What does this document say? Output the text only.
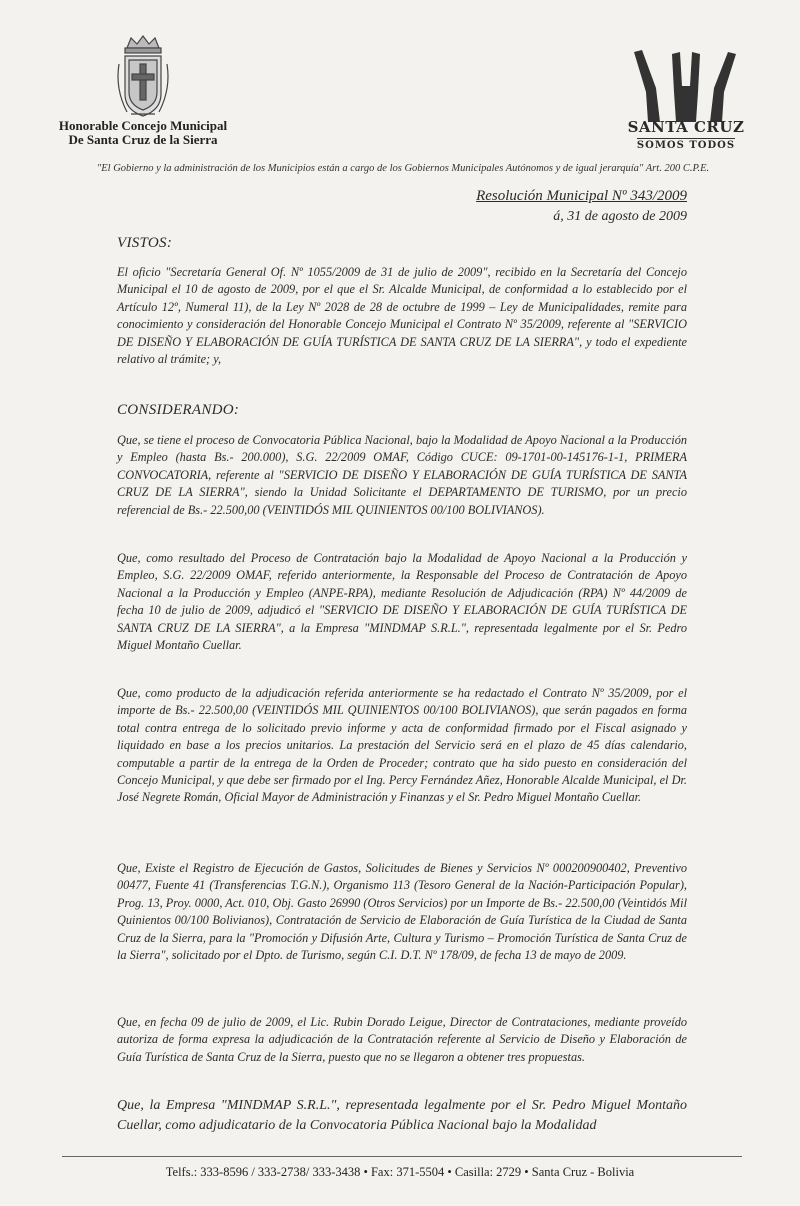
Honorable Concejo Municipal
De Santa Cruz de la Sierra
SANTA CRUZ
SOMOS TODOS
"El Gobierno y la administración de los Municipios están a cargo de los Gobiernos Municipales Autónomos y de igual jerarquía" Art. 200 C.P.E.
Resolución Municipal Nº 343/2009
á, 31 de agosto de 2009
VISTOS:

El oficio "Secretaría General Of. Nº 1055/2009 de 31 de julio de 2009", recibido en la Secretaría del Concejo Municipal el 10 de agosto de 2009, por el que el Sr. Alcalde Municipal, de conformidad a lo establecido por el Artículo 12º, Numeral 11), de la Ley Nº 2028 de 28 de octubre de 1999 – Ley de Municipalidades, remite para conocimiento y consideración del Honorable Concejo Municipal el Contrato Nº 35/2009, referente al "SERVICIO DE DISEÑO Y ELABORACIÓN DE GUÍA TURÍSTICA DE SANTA CRUZ DE LA SIERRA", y todo el expediente relativo al trámite; y,

CONSIDERANDO:

Que, se tiene el proceso de Convocatoria Pública Nacional, bajo la Modalidad de Apoyo Nacional a la Producción y Empleo (hasta Bs.- 200.000), S.G. 22/2009 OMAF, Código CUCE: 09-1701-00-145176-1-1, PRIMERA CONVOCATORIA, referente al "SERVICIO DE DISEÑO Y ELABORACIÓN DE GUÍA TURÍSTICA DE SANTA CRUZ DE LA SIERRA", siendo la Unidad Solicitante el DEPARTAMENTO DE TURISMO, por un precio referencial de Bs.- 22.500,00 (VEINTIDÓS MIL QUINIENTOS 00/100 BOLIVIANOS).

Que, como resultado del Proceso de Contratación bajo la Modalidad de Apoyo Nacional a la Producción y Empleo, S.G. 22/2009 OMAF, referido anteriormente, la Responsable del Proceso de Contratación de Apoyo Nacional a la Producción y Empleo (ANPE-RPA), mediante Resolución de Adjudicación (RPA) Nº 44/2009 de fecha 10 de julio de 2009, adjudicó el "SERVICIO DE DISEÑO Y ELABORACIÓN DE GUÍA TURÍSTICA DE SANTA CRUZ DE LA SIERRA", a la Empresa "MINDMAP S.R.L.", representada legalmente por el Sr. Pedro Miguel Montaño Cuellar.

Que, como producto de la adjudicación referida anteriormente se ha redactado el Contrato Nº 35/2009, por el importe de Bs.- 22.500,00 (VEINTIDÓS MIL QUINIENTOS 00/100 BOLIVIANOS), que serán pagados en forma total contra entrega de lo solicitado previo informe y acta de conformidad firmado por el Fiscal asignado y liquidado en base a los precios unitarios. La prestación del Servicio será en el plazo de 45 días calendario, computable a partir de la entrega de la Orden de Proceder; contrato que ha sido puesto en consideración del Concejo Municipal, y que debe ser firmado por el Ing. Percy Fernández Añez, Honorable Alcalde Municipal, el Dr. José Negrete Román, Oficial Mayor de Administración y Finanzas y el Sr. Pedro Miguel Montaño Cuellar.

Que, Existe el Registro de Ejecución de Gastos, Solicitudes de Bienes y Servicios Nº 000200900402, Preventivo 00477, Fuente 41 (Transferencias T.G.N.), Organismo 113 (Tesoro General de la Nación-Participación Popular), Prog. 13, Proy. 0000, Act. 010, Obj. Gasto 26990 (Otros Servicios) por un Importe de Bs.- 22.500,00 (Veintidós Mil Quinientos 00/100 Bolivianos), Contratación de Servicio de Elaboración de Guía Turística de la Ciudad de Santa Cruz de la Sierra, para la "Promoción y Difusión Arte, Cultura y Turismo – Promoción Turística de Santa Cruz de la Sierra", solicitado por el Dpto. de Turismo, según C.I. D.T. Nº 178/09, de fecha 13 de mayo de 2009.

Que, en fecha 09 de julio de 2009, el Lic. Rubin Dorado Leigue, Director de Contrataciones, mediante proveído autoriza de forma expresa la adjudicación de la Contratación referente al Servicio de Diseño y Elaboración de Guía Turística de Santa Cruz de la Sierra, puesto que no se llegaron a obtener tres propuestas.

Que, la Empresa "MINDMAP S.R.L.", representada legalmente por el Sr. Pedro Miguel Montaño Cuellar, como adjudicatario de la Convocatoria Pública Nacional bajo la Modalidad

Telfs.: 333-8596 / 333-2738/ 333-3438 • Fax: 371-5504 • Casilla: 2729 • Santa Cruz - Bolivia
